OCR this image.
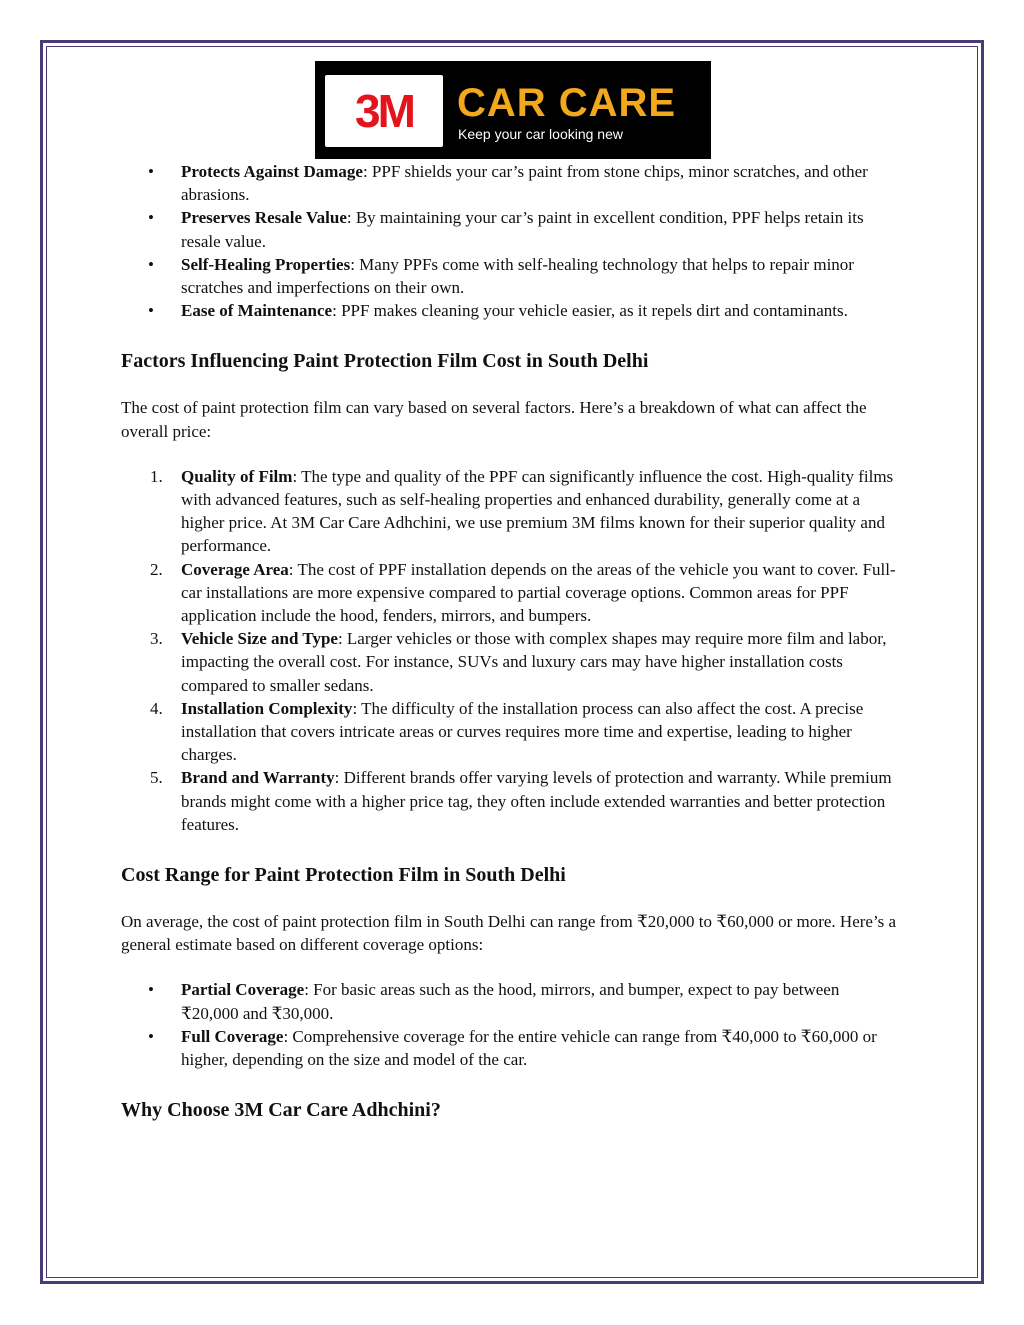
3M CAR CARE
Keep your car looking new
• Protects Against Damage: PPF shields your car’s paint from stone chips, minor scratches, and other abrasions.
• Preserves Resale Value: By maintaining your car’s paint in excellent condition, PPF helps retain its resale value.
• Self-Healing Properties: Many PPFs come with self-healing technology that helps to repair minor scratches and imperfections on their own.
• Ease of Maintenance: PPF makes cleaning your vehicle easier, as it repels dirt and contaminants.
Factors Influencing Paint Protection Film Cost in South Delhi

The cost of paint protection film can vary based on several factors. Here’s a breakdown of what can affect the overall price:

1. Quality of Film: The type and quality of the PPF can significantly influence the cost. High-quality films with advanced features, such as self-healing properties and enhanced durability, generally come at a higher price. At 3M Car Care Adhchini, we use premium 3M films known for their superior quality and performance.
2. Coverage Area: The cost of PPF installation depends on the areas of the vehicle you want to cover. Full-car installations are more expensive compared to partial coverage options. Common areas for PPF application include the hood, fenders, mirrors, and bumpers.
3. Vehicle Size and Type: Larger vehicles or those with complex shapes may require more film and labor, impacting the overall cost. For instance, SUVs and luxury cars may have higher installation costs compared to smaller sedans.
4. Installation Complexity: The difficulty of the installation process can also affect the cost. A precise installation that covers intricate areas or curves requires more time and expertise, leading to higher charges.
5. Brand and Warranty: Different brands offer varying levels of protection and warranty. While premium brands might come with a higher price tag, they often include extended warranties and better protection features.
Cost Range for Paint Protection Film in South Delhi

On average, the cost of paint protection film in South Delhi can range from ₹20,000 to ₹60,000 or more. Here’s a general estimate based on different coverage options:

• Partial Coverage: For basic areas such as the hood, mirrors, and bumper, expect to pay between ₹20,000 and ₹30,000.
• Full Coverage: Comprehensive coverage for the entire vehicle can range from ₹40,000 to ₹60,000 or higher, depending on the size and model of the car.
Why Choose 3M Car Care Adhchini?
